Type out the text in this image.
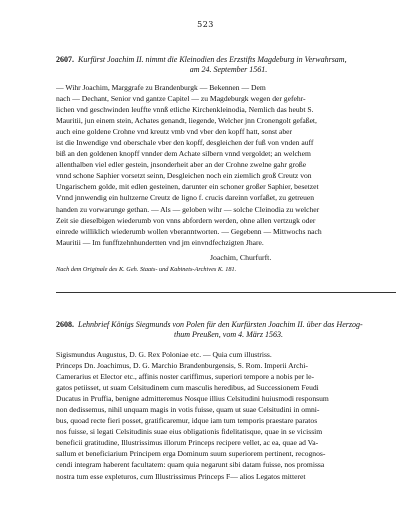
523
2607. Kurfürst Joachim II. nimmt die Kleinodien des Erzstifts Magdeburg in Verwahrsam,
am 24. September 1561.
— Wihr Joachim, Marggrafe zu Brandenburgk — Bekennen — Dem
nach — Dechant, Senior vnd gantze Capitel — zu Magdeburgk wegen der gefehr-
lichen vnd geschwinden leuffte vnnß etliche Kirchenkleinodia, Nemlich das heubt S.
Mauritii, jun einem stein, Achates genandt, liegende, Welcher jnn Cronengolt gefaßet,
auch eine goldene Crohne vnd kreutz vmb vnd vber den kopff hatt, sonst aber
ist die Inwendige vnd oberschale vber den kopff, desgleichen der fuß von vnden auff
biß an den goldenen knopff vnnder dem Achate silbern vnnd vergoldet; an welchem
allenthalben viel edler gestein, jnsonderheit aber an der Crohne zwelne gahr große
vnnd schone Saphier vorsetzt seinn, Desgleichen noch ein ziemlich groß Creutz von
Ungarischem golde, mit edlen gesteinen, darunter ein schoner großer Saphier, besetzet
Vnnd jnnwendig ein hultzerne Creutz de ligno f. crucis dareinn vorfaßet, zu getreuen
handen zu vorwarunge gethan. — Als — geloben wihr — solche Cleinodia zu welcher
Zeit sie dieselbigen wiederumb von vnns abfordern werden, ohne allen vertzugk oder
einrede williklich wiederumb wollen vberanntworten. — Gegebenn — Mittwochs nach
Mauritii — Im funfftzehnhundertten vnd jm einvndfechzigten Jhare.
Joachim, Churfurft.
Nach dem Originale des K. Geh. Staats- und Kabinets-Archives K. 181.
2608. Lehnbrief Königs Siegmunds von Polen für den Kurfürsten Joachim II. über das Herzog-
thum Preußen, vom 4. März 1563.
Sigismundus Augustus, D. G. Rex Poloniae etc. — Quia cum illustriss.
Princeps Dn. Joachimus, D. G. Marchio Brandenburgensis, S. Rom. Imperii Archi-
Camerarius et Elector etc., affinis noster cariffimus, superiori tempore a nobis per le-
gatos petiisset, ut suam Celsitudinem cum masculis heredibus, ad Successionem Feudi
Ducatus in Pruffia, benigne admitteremus Nosque illius Celsitudini huiusmodi responsum
non dedissemus, nihil unquam magis in votis fuisse, quam ut suae Celsitudini in omni-
bus, quoad recte fieri posset, gratificaremur, idque iam tum temporis praestare paratos
nos fuisse, si legati Celsitudinis suae eius obligationis fidelitatisque, quae in se vicissim
beneficii gratitudine, Illustrissimus illorum Princeps recipere vellet, ac ea, quae ad Va-
sallum et beneficiarium Principem erga Dominum suum superiorem pertinent, recognos-
cendi integram haberent facultatem: quam quia negarunt sibi datam fuisse, nos promissa
nostra tum esse expleturos, cum Illustrissimus Princeps F— alios Legatos mitteret
